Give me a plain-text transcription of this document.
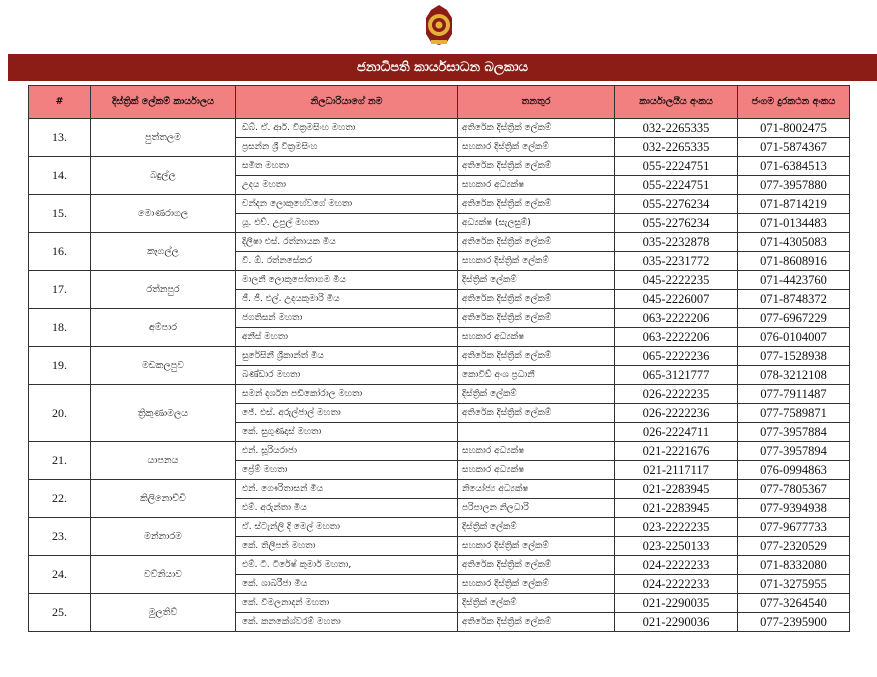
ජනාධිපති කාර්යසාධන බලකාය
#	දිස්ත්‍රික් ලේකම් කාර්යාලය	නිලධාරියාගේ නම	තනතුර	කාර්යාලයීය අංකය	ජංගම දුරකථන අංකය
13.	පුත්තලම	ඩබ්. ඒ. ආර්. වික්‍රමසිංහ මහතා	අතිරේක දිස්ත්‍රික් ලේකම්	032-2265335	071-8002475
		ප්‍රසන්න ශ්‍රී වික්‍රමසිංහ	සහකාර දිස්ත්‍රික් ලේකම්	032-2265335	071-5874367
14.	බදුල්ල	සමිත මහතා	අතිරේක දිස්ත්‍රික් ලේකම්	055-2224751	071-6384513
		උදය මහතා	සහකාර අධ්‍යක්ෂ	055-2224751	077-3957880
15.	මොණරාගල	චන්දන ලොකුහේවගේ මහතා	අතිරේක දිස්ත්‍රික් ලේකම්	055-2276234	071-8714219
		යූ. එච්. උපුල් මහතා	අධ්‍යක්ෂ (සැලසුම්)	055-2276234	071-0134483
16.	කෑගල්ල	දිලීෂා එස්. රත්නායක මිය	අතිරේක දිස්ත්‍රික් ලේකම්	035-2232878	071-4305083
		වී. ඕ. රත්නසේකර	සහකාර දිස්ත්‍රික් ලේකම්	035-2231772	071-8608916
17.	රත්නපුර	මාලනී ලොකුපෝතාගම මිය	දිස්ත්‍රික් ලේකම්	045-2222235	071-4423760
		ජී. ජී. එල්. උදයකුමාරි මිය	අතිරේක දිස්ත්‍රික් ලේකම්	045-2226007	071-8748372
18.	අම්පාර	ජගතිසන් මහතා	අතිරේක දිස්ත්‍රික් ලේකම්	063-2222206	077-6967229
		අනීස් මහතා	සහකාර අධ්‍යක්ෂ	063-2222206	076-0104007
19.	මඩකලපුව	සුරේසිනී ශ්‍රීකාන්ත් මිය	අතිරේක දිස්ත්‍රික් ලේකම්	065-2222236	077-1528938
		බණ්ඩාර මහතා	කොවිඩ් අංශ ප්‍රධානී	065-3121777	078-3212108
20.	ත්‍රිකුණාමලය	සමන් දර්ශන පඩිකෝරාල මහතා	දිස්ත්‍රික් ලේකම්	026-2222235	077-7911487
		ජේ. එස්. අරුල්ජාල් මහතා	අතිරේක දිස්ත්‍රික් ලේකම්	026-2222236	077-7589871
		කේ. සුගුණදාස් මහතා		026-2224711	077-3957884
21.	යාපනය	එන්. සූරියරාජා	සහකාර අධ්‍යක්ෂ	021-2221676	077-3957894
		ප්‍රේම් මහතා	සහකාර අධ්‍යක්ෂ	021-2117117	076-0994863
22.	කිලිනොච්චි	එන්. ගෞරිතාසන් මිය	නියෝජ්‍ය අධ්‍යක්ෂ	021-2283945	077-7805367
		එම්. අරුන්තා මිය	පරිපාලන නිලධාරි	021-2283945	077-9394938
23.	මන්නාරම	ඒ. ස්ටැන්ලි දි මෙල් මහතා	දිස්ත්‍රික් ලේකම්	023-2222235	077-9677733
		කේ. තිලීපන් මහතා	සහකාර දිස්ත්‍රික් ලේකම්	023-2250133	077-2320529
24.	වව්නියාව	එම්. ටී. ටිරේෂ් කුමාර් මහතා,	අතිරේක දිස්ත්‍රික් ලේකම්	024-2222233	071-8332080
		කේ. ශාබරීජා මිය	සහකාර දිස්ත්‍රික් ලේකම්	024-2222233	071-3275955
25.	මුලතිව්	කේ. විමලනාදන් මහතා	දිස්ත්‍රික් ලේකම්	021-2290035	077-3264540
		කේ. කනකේශ්වරම් මහතා	අතිරේක දිස්ත්‍රික් ලේකම්	021-2290036	077-2395900
